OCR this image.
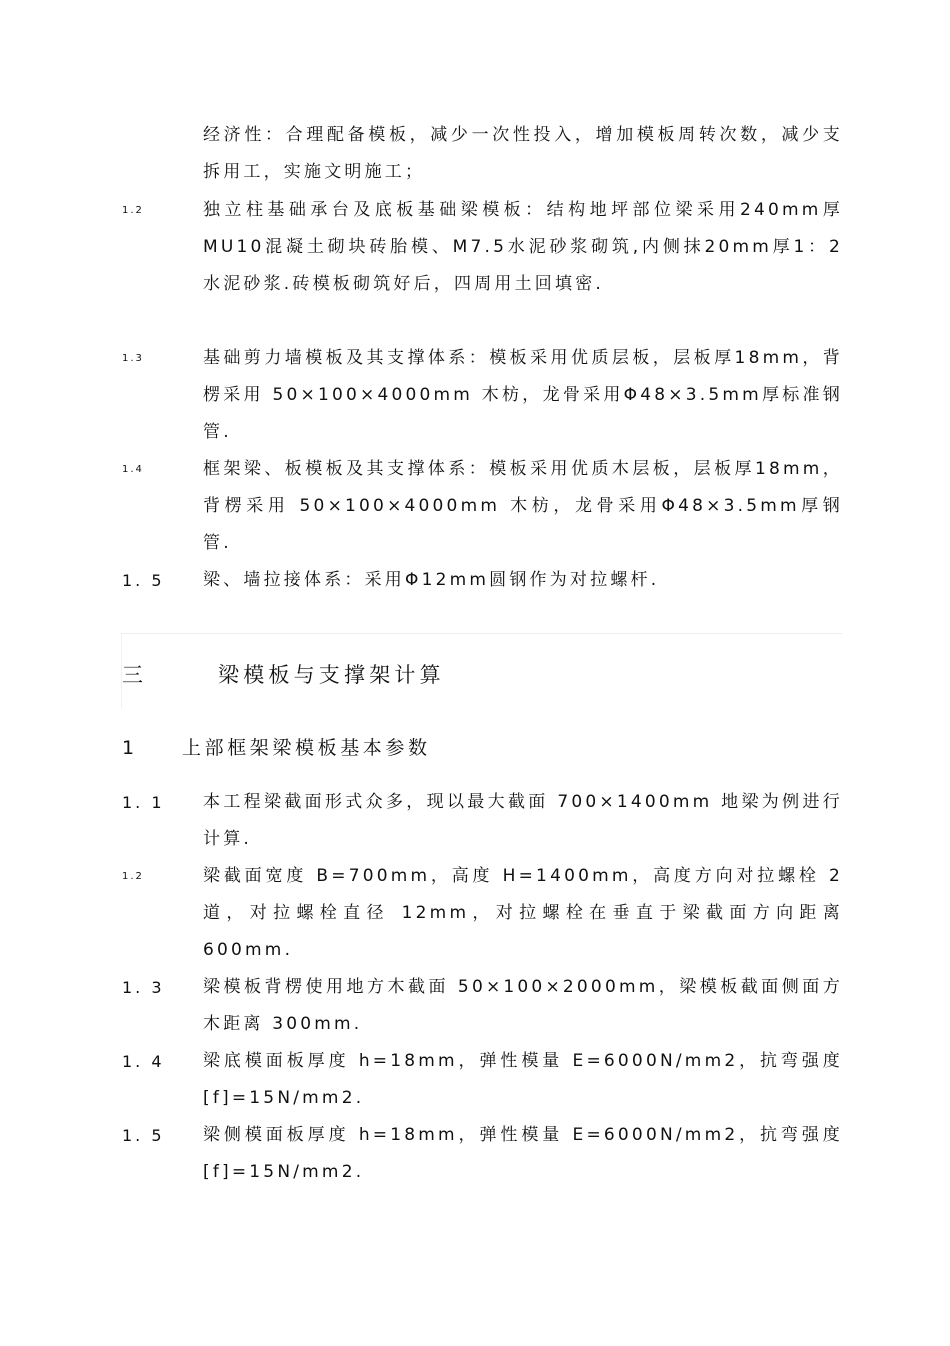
经济性：合理配备模板，减少一次性投入，增加模板周转次数，减少支拆用工，实施文明施工；
1.2	独立柱基础承台及底板基础梁模板：结构地坪部位梁采用240mm厚MU10混凝土砌块砖胎模、M7.5水泥砂浆砌筑,内侧抹20mm厚1：2水泥砂浆.砖模板砌筑好后，四周用土回填密.
1.3	基础剪力墙模板及其支撑体系：模板采用优质层板，层板厚18mm，背楞采用 50×100×4000mm 木枋，龙骨采用Φ48×3.5mm厚标准钢管.
1.4	框架梁、板模板及其支撑体系：模板采用优质木层板，层板厚18mm，背楞采用 50×100×4000mm 木枋，龙骨采用Φ48×3.5mm厚钢管.
1. 5 梁、墙拉接体系：采用Φ12mm圆钢作为对拉螺杆.
三	梁模板与支撑架计算
1 上部框架梁模板基本参数
1. 1 本工程梁截面形式众多，现以最大截面 700×1400mm 地梁为例进行计算.
1.2	梁截面宽度 B=700mm，高度 H=1400mm，高度方向对拉螺栓 2 道，对拉螺栓直径 12mm，对拉螺栓在垂直于梁截面方向距离 600mm.
1. 3 梁模板背楞使用地方木截面 50×100×2000mm，梁模板截面侧面方木距离 300mm.
1. 4 梁底模面板厚度 h=18mm，弹性模量 E=6000N/mm2，抗弯强度[f]=15N/mm2.
1. 5 梁侧模面板厚度 h=18mm，弹性模量 E=6000N/mm2，抗弯强度[f]=15N/mm2.
